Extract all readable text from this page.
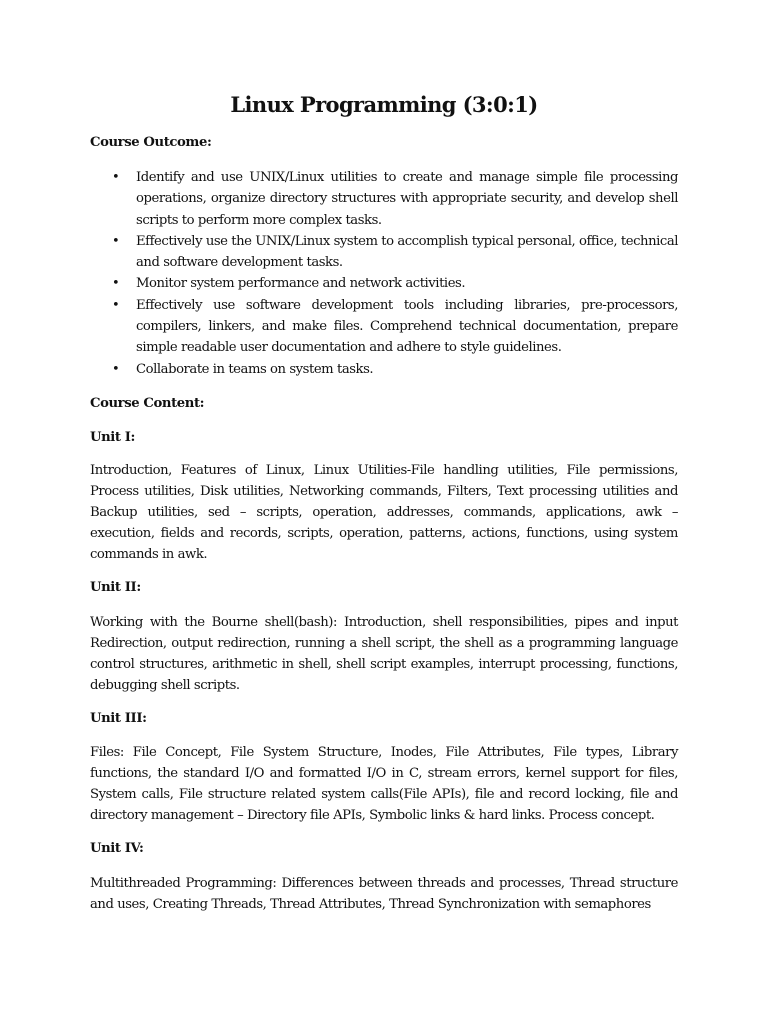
Linux Programming (3:0:1)
Course Outcome:
• Identify and use UNIX/Linux utilities to create and manage simple file processing operations, organize directory structures with appropriate security, and develop shell scripts to perform more complex tasks.
• Effectively use the UNIX/Linux system to accomplish typical personal, office, technical and software development tasks.
• Monitor system performance and network activities.
• Effectively use software development tools including libraries, pre-processors, compilers, linkers, and make files. Comprehend technical documentation, prepare simple readable user documentation and adhere to style guidelines.
• Collaborate in teams on system tasks.
Course Content:
Unit I:

Introduction, Features of Linux, Linux Utilities-File handling utilities, File permissions, Process utilities, Disk utilities, Networking commands, Filters, Text processing utilities and Backup utilities, sed – scripts, operation, addresses, commands, applications, awk – execution, fields and records, scripts, operation, patterns, actions, functions, using system commands in awk.

Unit II:

Working with the Bourne shell(bash): Introduction, shell responsibilities, pipes and input Redirection, output redirection, running a shell script, the shell as a programming language control structures, arithmetic in shell, shell script examples, interrupt processing, functions, debugging shell scripts.

Unit III:

Files: File Concept, File System Structure, Inodes, File Attributes, File types, Library functions, the standard I/O and formatted I/O in C, stream errors, kernel support for files, System calls, File structure related system calls(File APIs), file and record locking, file and directory management – Directory file APIs, Symbolic links & hard links. Process concept.

Unit IV:

Multithreaded Programming: Differences between threads and processes, Thread structure and uses, Creating Threads, Thread Attributes, Thread Synchronization with semaphores
